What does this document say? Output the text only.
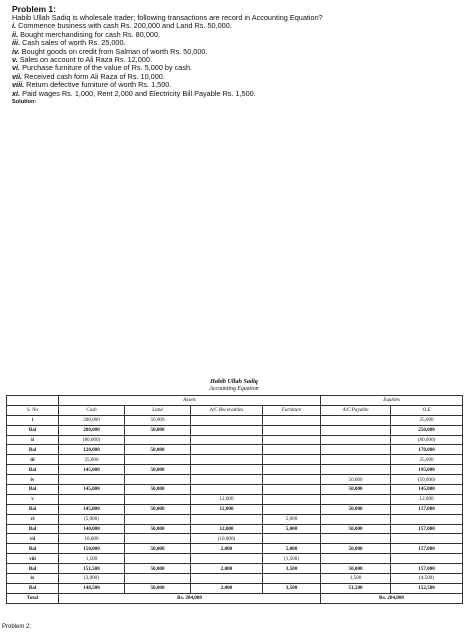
Problem 1:
Habib Ullah Sadiq is wholesale trader; following transactions are record in Accounting Equation?
i. Commence business with cash Rs. 200,000 and Land Rs. 50,000.
ii. Bought merchandising for cash Rs. 80,000.
iii. Cash sales of worth Rs. 25,000.
iv. Bought goods on credit from Salman of worth Rs. 50,000.
v. Sales on account to Ali Raza Rs. 12,000.
vi. Purchase furniture of the value of Rs. 5,000 by cash.
vii. Received cash form Ali Raza of Rs. 10,000.
viii. Return defective furniture of worth Rs. 1,500.
xi. Paid wages Rs. 1,000, Rent 2,000 and Electricity Bill Payable Rs. 1,500.
Solution:
Habib Ullah Sadiq
Accounting Equation
	Assets				Equities	
S. No	Cash	Land	A/C Receivables	Furniture	A/C Payable	O.E
i	200,000	50,000				25,000
Bal	200,000	50,000				250,000
ii	(80,000)					(80,000)
Bal	120,000	50,000				170,000
iii	25,000					25,000
Bal	145,000	50,000				195,000
iv					50,000	(50,000)
Bal	145,000	50,000			50,000	145,000
v			12,000			12,000
Bal	145,000	50,000	12,000		50,000	157,000
vi	(5,000)			5,000		
Bal	140,000	50,000	12,000	5,000	50,000	157,000
vii	10,000		(10,000)			
Bal	150,000	50,000	2,000	5,000	50,000	157,000
viii	1,500			(1,500)		
Bal	151,500	50,000	2,000	3,500	50,000	157,000
ix	(3,000)				1,500	(4,500)
Bal	148,500	50,000	2,000	3,500	51,500	152,500
Total	Rs. 204,000				Rs. 204,000	
Problem 2:
